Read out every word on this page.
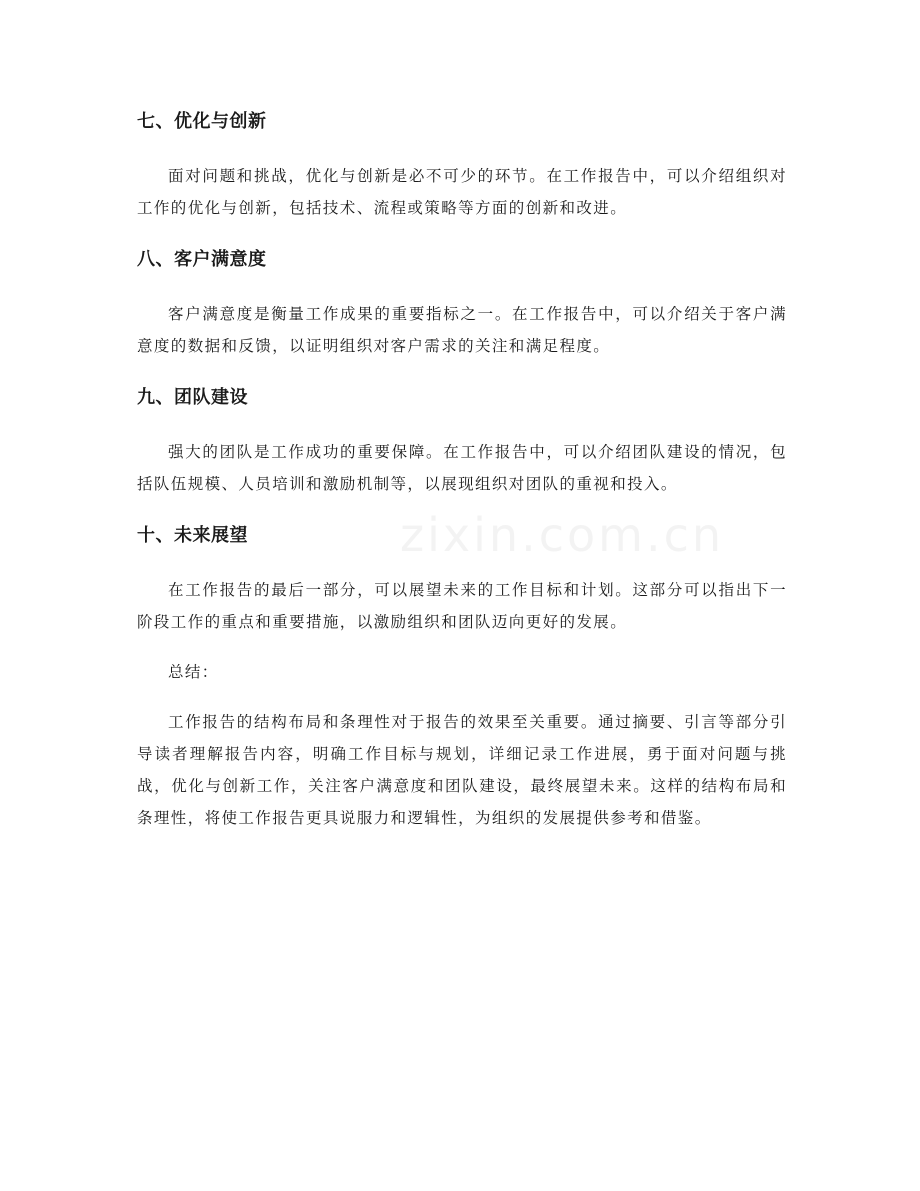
zixin.com.cn
七、优化与创新

面对问题和挑战，优化与创新是必不可少的环节。在工作报告中，可以介绍组织对工作的优化与创新，包括技术、流程或策略等方面的创新和改进。

八、客户满意度

客户满意度是衡量工作成果的重要指标之一。在工作报告中，可以介绍关于客户满意度的数据和反馈，以证明组织对客户需求的关注和满足程度。

九、团队建设

强大的团队是工作成功的重要保障。在工作报告中，可以介绍团队建设的情况，包括队伍规模、人员培训和激励机制等，以展现组织对团队的重视和投入。

十、未来展望

在工作报告的最后一部分，可以展望未来的工作目标和计划。这部分可以指出下一阶段工作的重点和重要措施，以激励组织和团队迈向更好的发展。

总结：

工作报告的结构布局和条理性对于报告的效果至关重要。通过摘要、引言等部分引导读者理解报告内容，明确工作目标与规划，详细记录工作进展，勇于面对问题与挑战，优化与创新工作，关注客户满意度和团队建设，最终展望未来。这样的结构布局和条理性，将使工作报告更具说服力和逻辑性，为组织的发展提供参考和借鉴。
